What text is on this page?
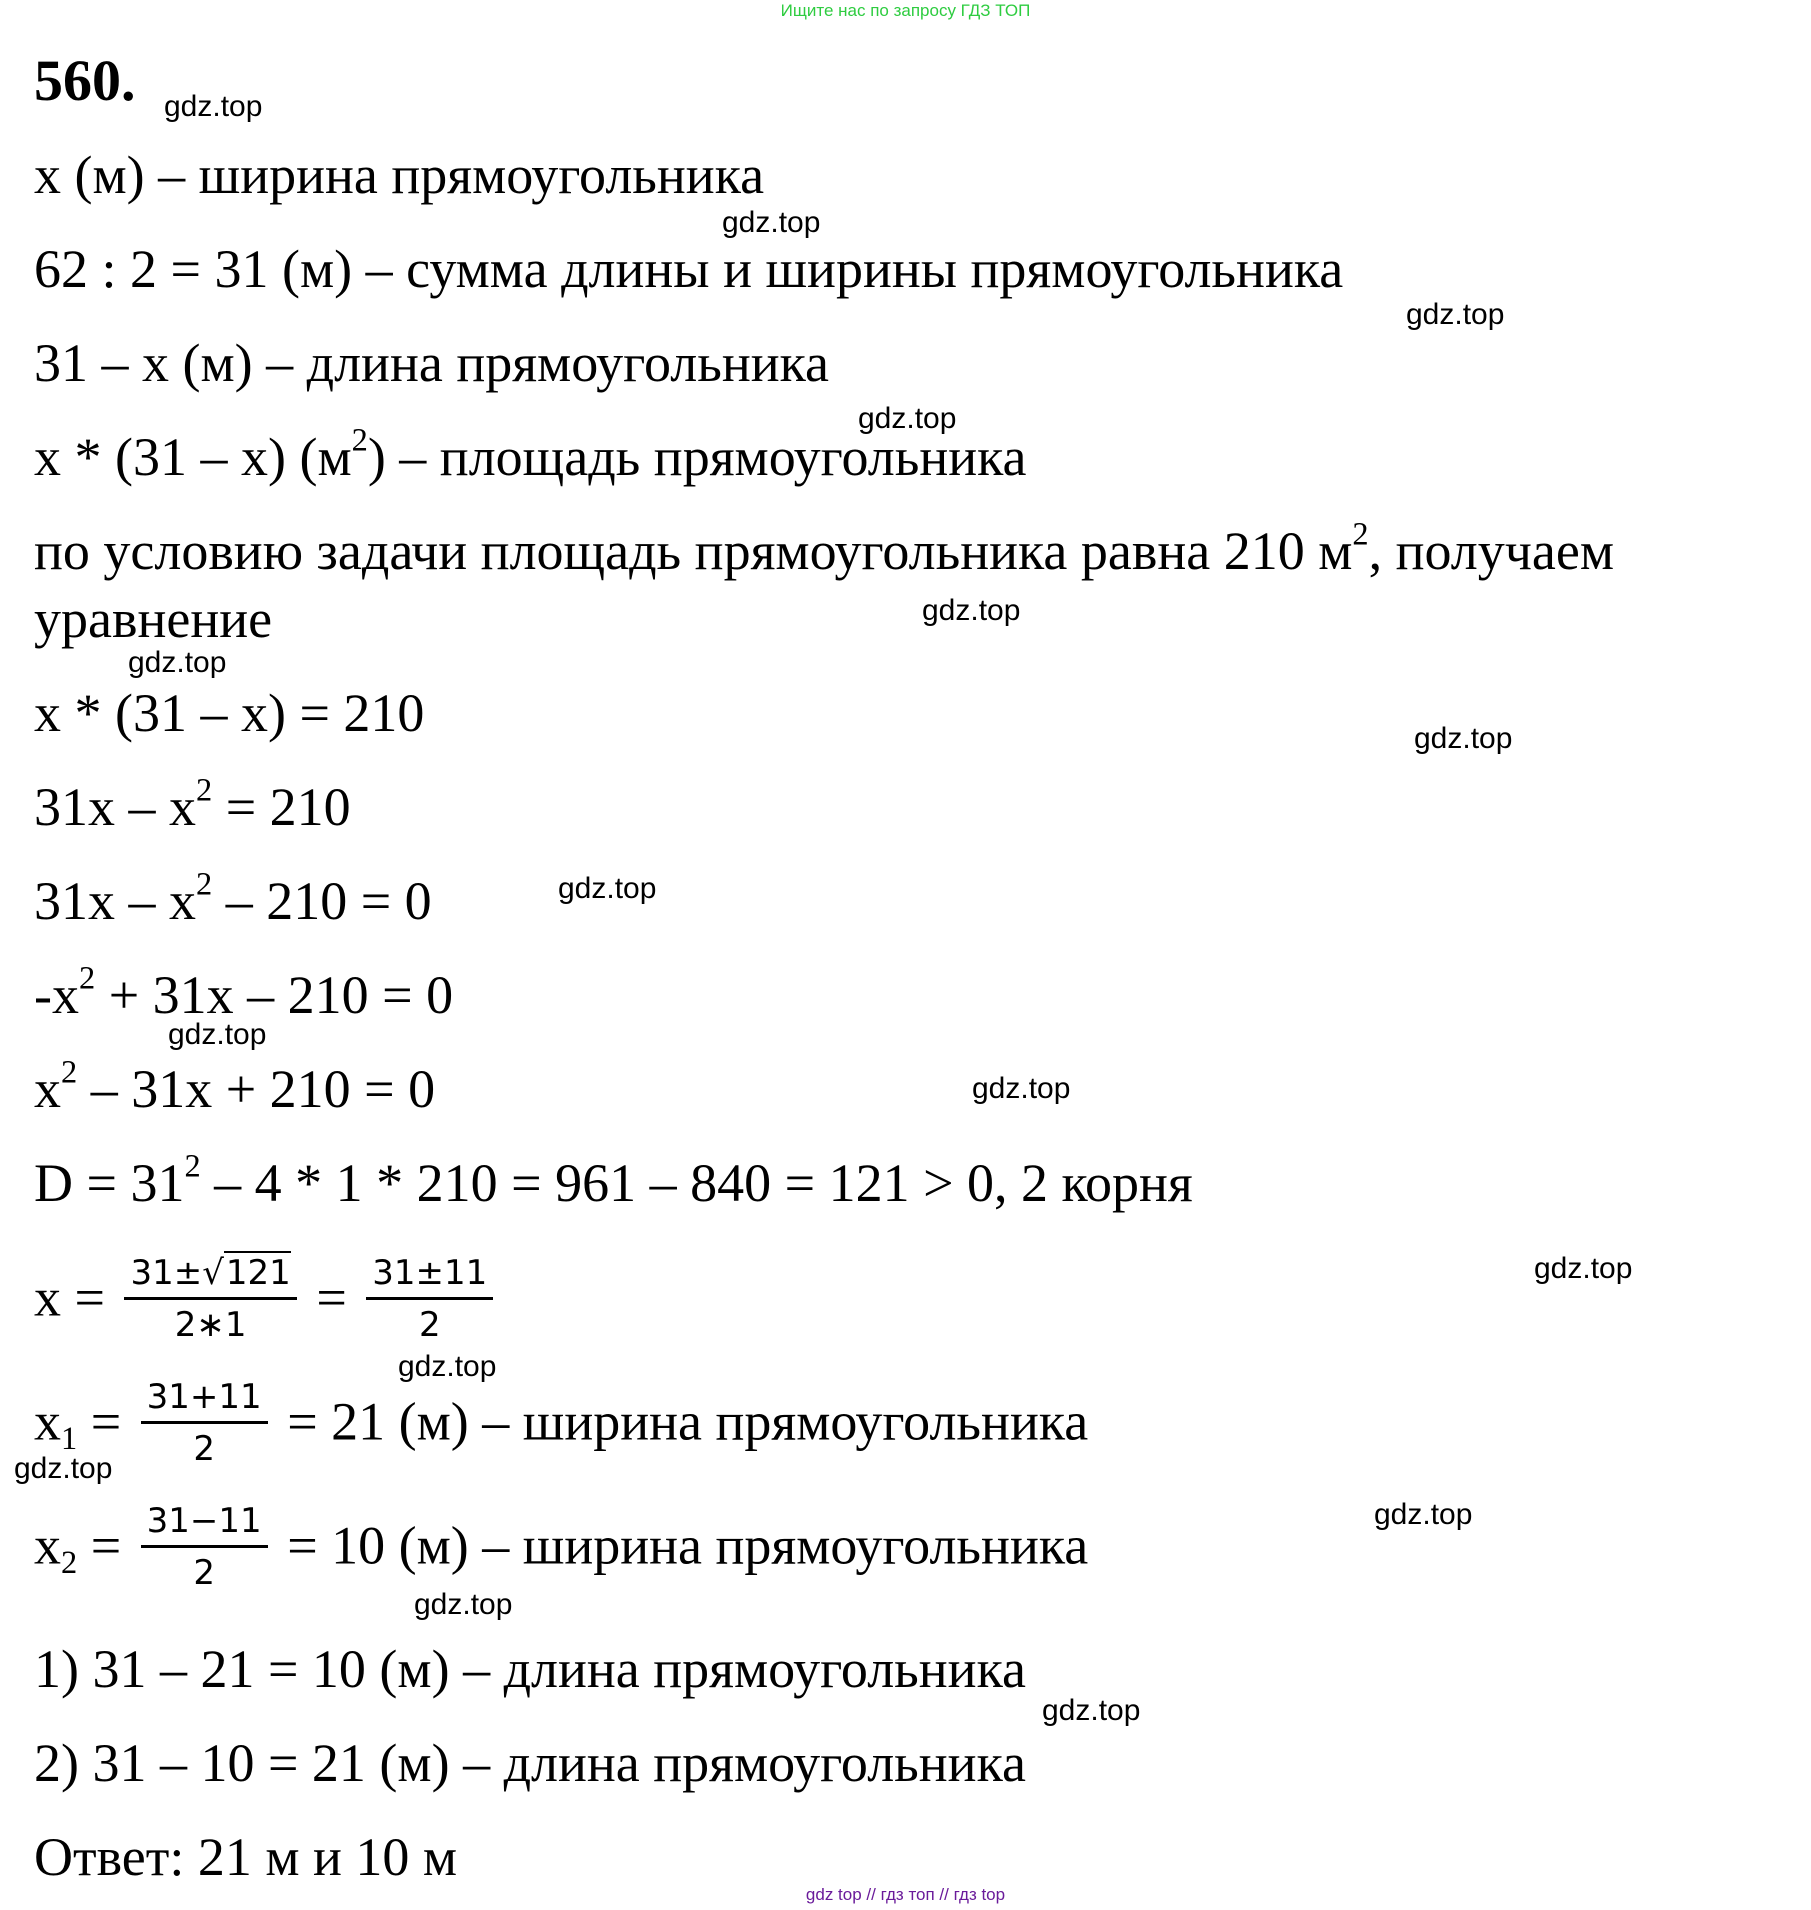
Ищите нас по запросу ГДЗ ТОП
560.
x (м) – ширина прямоугольника
62 : 2 = 31 (м) – сумма длины и ширины прямоугольника
31 – x (м) – длина прямоугольника
x * (31 – x) $(м^2)$ – площадь прямоугольника
по условию задачи площадь прямоугольника равна 210 $м^2$, получаем
уравнение
x * (31 – x) = 210
$31x - x^2 = 210$
$31x - x^2 - 210 = 0$
$-x^2 + 31x - 210 = 0$
$x^2 - 31x + 210 = 0$
$D = 31^2 - 4 * 1 * 210 = 961 - 840 = 121 > 0$, 2 корня
$x = \frac{31\pm√121}{2∗1} = \frac{31\pm 11}{2}$
$x_1 = \frac{31+11}{2} = 21$ (м) – ширина прямоугольника
$x_2 = \frac{31-11}{2} = 10$ (м) – ширина прямоугольника
1) 31 – 21 = 10 (м) – длина прямоугольника
2) 31 – 10 = 21 (м) – длина прямоугольника
Ответ: 21 м и 10 м
gdz.top
gdz.top
gdz.top
gdz.top
gdz.top
gdz.top
gdz.top
gdz.top
gdz.top
gdz.top
gdz.top
gdz.top
gdz.top
gdz.top
gdz.top
gdz.top
gdz top // гдз топ // гдз top
